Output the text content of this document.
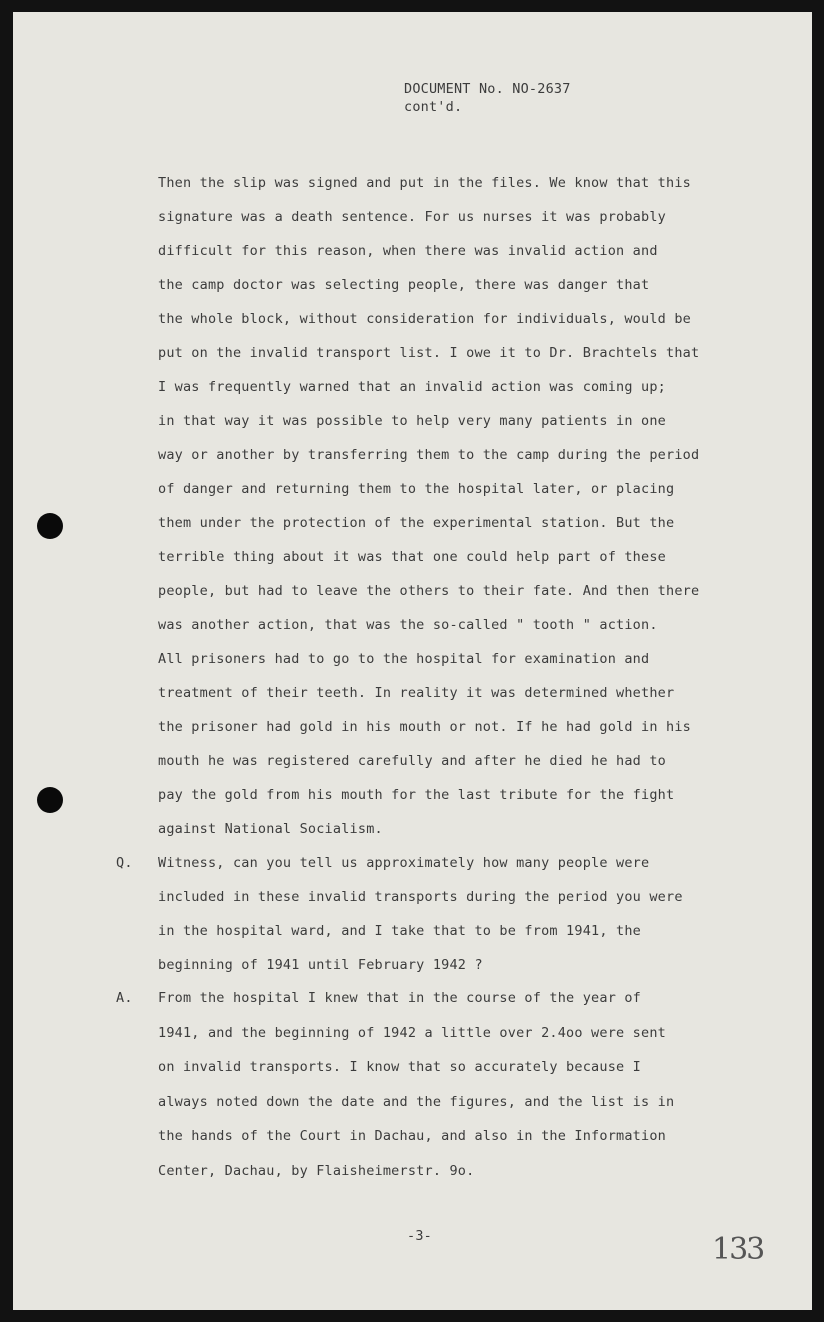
DOCUMENT No. NO-2637
cont'd.
Then the slip was signed and put in the files. We know that this
signature was a death sentence. For us nurses it was probably
difficult for this reason, when there was invalid action and
the camp doctor was selecting people, there was danger that
the whole block, without consideration for individuals, would be
put on the invalid transport list. I owe it to Dr. Brachtels that
I was frequently warned that an invalid action was coming up;
in that way it was possible to help very many patients in one
way or another by transferring them to the camp during the period
of danger and returning them to the hospital later, or placing
them under the protection of the experimental station. But the
terrible thing about it was that one could help part of these
people, but had to leave the others to their fate. And then there
was another action, that was the so-called " tooth " action.
All prisoners had to go to the hospital for examination and
treatment of their teeth. In reality it was determined whether
the prisoner had gold in his mouth or not. If he had gold in his
mouth he was registered carefully and after he died he had to
pay the gold from his mouth for the last tribute for the fight
against National Socialism.
Witness, can you tell us approximately how many people were
included in these invalid transports during the period you were
in the hospital ward, and I take that to be from 1941, the
beginning of 1941 until February 1942 ?
From the hospital I knew that in the course of the year of
1941, and the beginning of 1942 a little over 2.4oo were sent
on invalid transports. I know that so accurately because I
always noted down the date and the figures, and the list is in
the hands of the Court in Dachau, and also in the Information
Center, Dachau, by Flaisheimerstr. 9o.
Q.
A.
-3-	133
